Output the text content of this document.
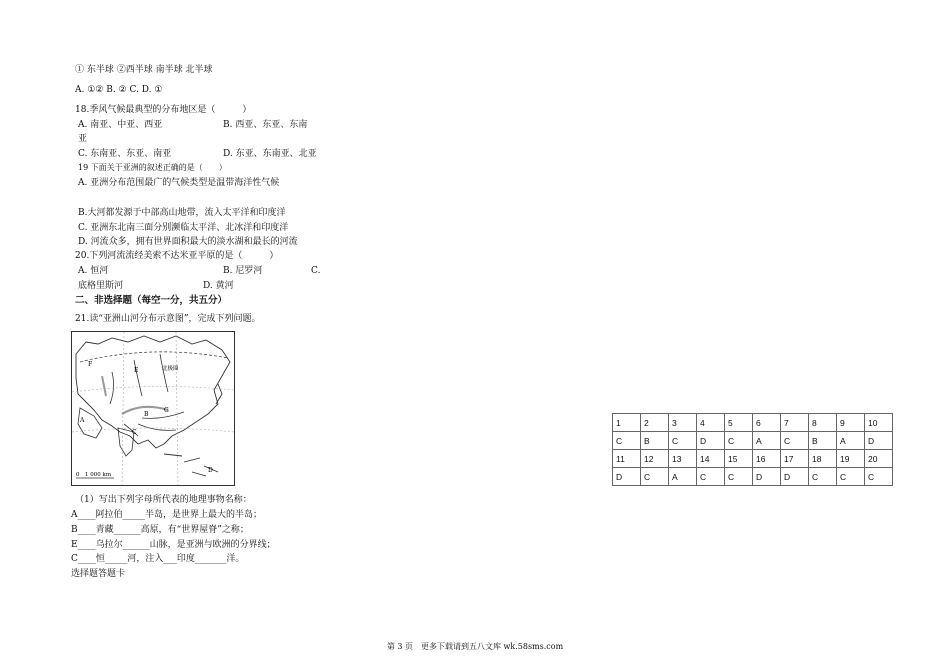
① 东半球 ②西半球 南半球 北半球
A. ①② B. ② C. D. ①
18.季风气候最典型的分布地区是（　　　）
A. 南亚、中亚、西亚	B. 西亚、东亚、东南
亚
C. 东南亚、东亚、南亚	D. 东亚、东南亚、北亚
19 下面关于亚洲的叙述正确的是（　　）
A. 亚洲分布范围最广的气候类型是温带海洋性气候
B.大河都发源于中部高山地带，流入太平洋和印度洋
C. 亚洲东北南三面分别濒临太平洋、北冰洋和印度洋
D. 河流众多，拥有世界面积最大的淡水湖和最长的河流
20.下列河流流经美索不达米亚平原的是（　　　）
A. 恒河	B. 尼罗河	C.
底格里斯河	D. 黄河
二、非选择题（每空一分，共五分）
21.读“亚洲山河分布示意图”，完成下列问题。
E
F
北极圈
B
G
A
C
D
0　1 000 km
（1）写出下列字母所代表的地理事物名称：
A____阿拉伯_____半岛，是世界上最大的半岛；
B____青藏______高原，有“世界屋脊”之称；
E____乌拉尔______山脉，是亚洲与欧洲的分界线；
C____恒_____河，注入___印度_______洋。
选择题答题卡
1	2	3	4	5	6	7	8	9	10
C	B	C	D	C	A	C	B	A	D
11	12	13	14	15	16	17	18	19	20
D	C	A	C	C	D	D	C	C	C
第 3 页　更多下载请到五八文库 wk.58sms.com
